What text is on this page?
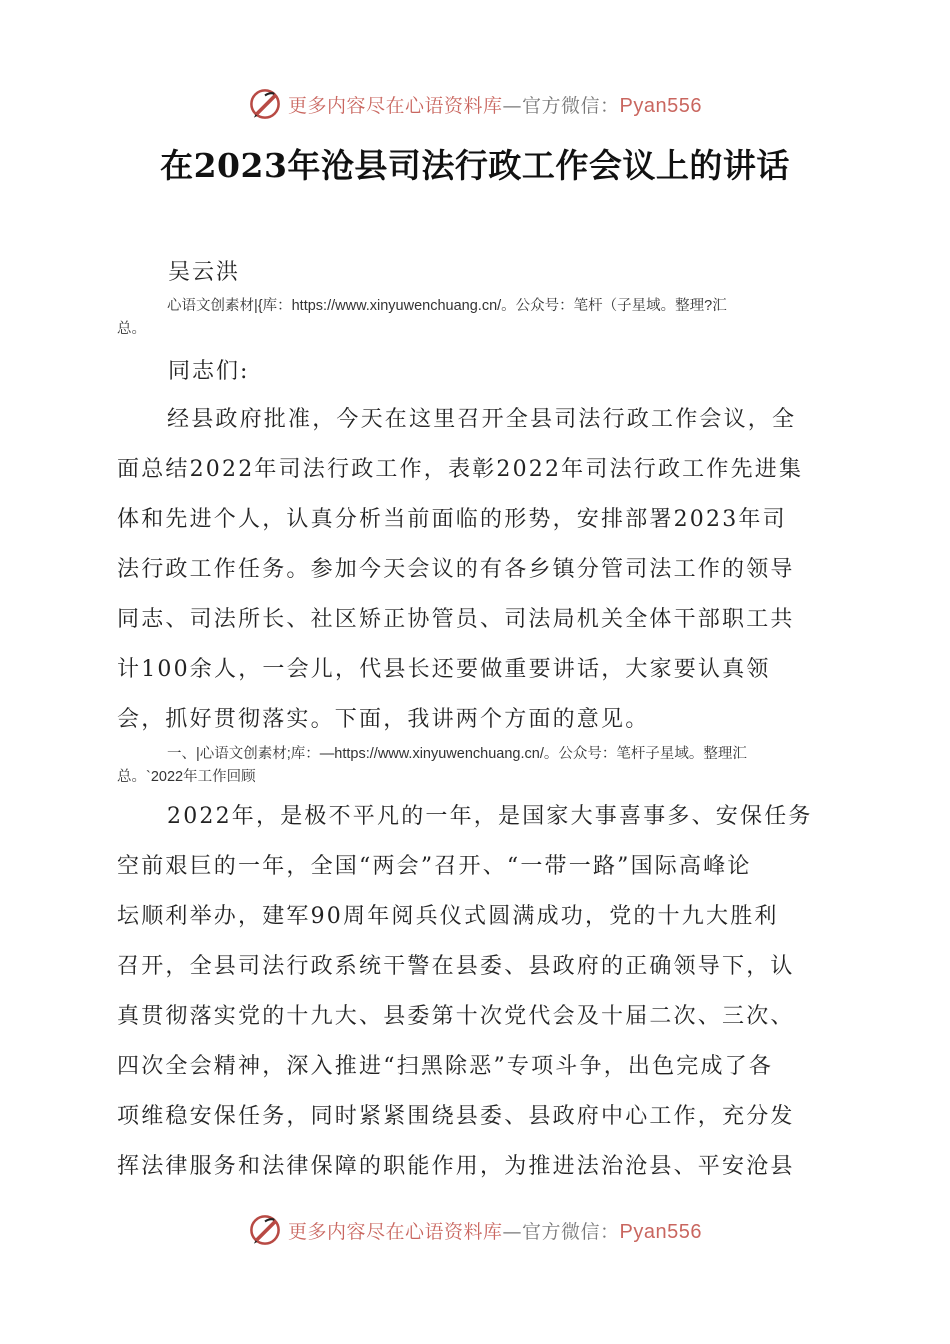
更多内容尽在心语资料库—官方微信：Pyan556
在2023年沧县司法行政工作会议上的讲话
吴云洪
心语文创素材|{库：https://www.xinyuwenchuang.cn/。公众号：笔杆（子星域。整理?汇
总。
同志们:
经县政府批准，今天在这里召开全县司法行政工作会议，全
面总结2022年司法行政工作，表彰2022年司法行政工作先进集
体和先进个人，认真分析当前面临的形势，安排部署2023年司
法行政工作任务。参加今天会议的有各乡镇分管司法工作的领导
同志、司法所长、社区矫正协管员、司法局机关全体干部职工共
计100余人，一会儿，代县长还要做重要讲话，大家要认真领
会，抓好贯彻落实。下面，我讲两个方面的意见。
一、|心语文创素材;库：—https://www.xinyuwenchuang.cn/。公众号：笔杆子星域。整理汇
总。`2022年工作回顾
2022年，是极不平凡的一年，是国家大事喜事多、安保任务
空前艰巨的一年，全国“两会”召开、“一带一路”国际高峰论
坛顺利举办，建军90周年阅兵仪式圆满成功，党的十九大胜利
召开，全县司法行政系统干警在县委、县政府的正确领导下，认
真贯彻落实党的十九大、县委第十次党代会及十届二次、三次、
四次全会精神，深入推进“扫黑除恶”专项斗争，出色完成了各
项维稳安保任务，同时紧紧围绕县委、县政府中心工作，充分发
挥法律服务和法律保障的职能作用，为推进法治沧县、平安沧县
更多内容尽在心语资料库—官方微信：Pyan556
